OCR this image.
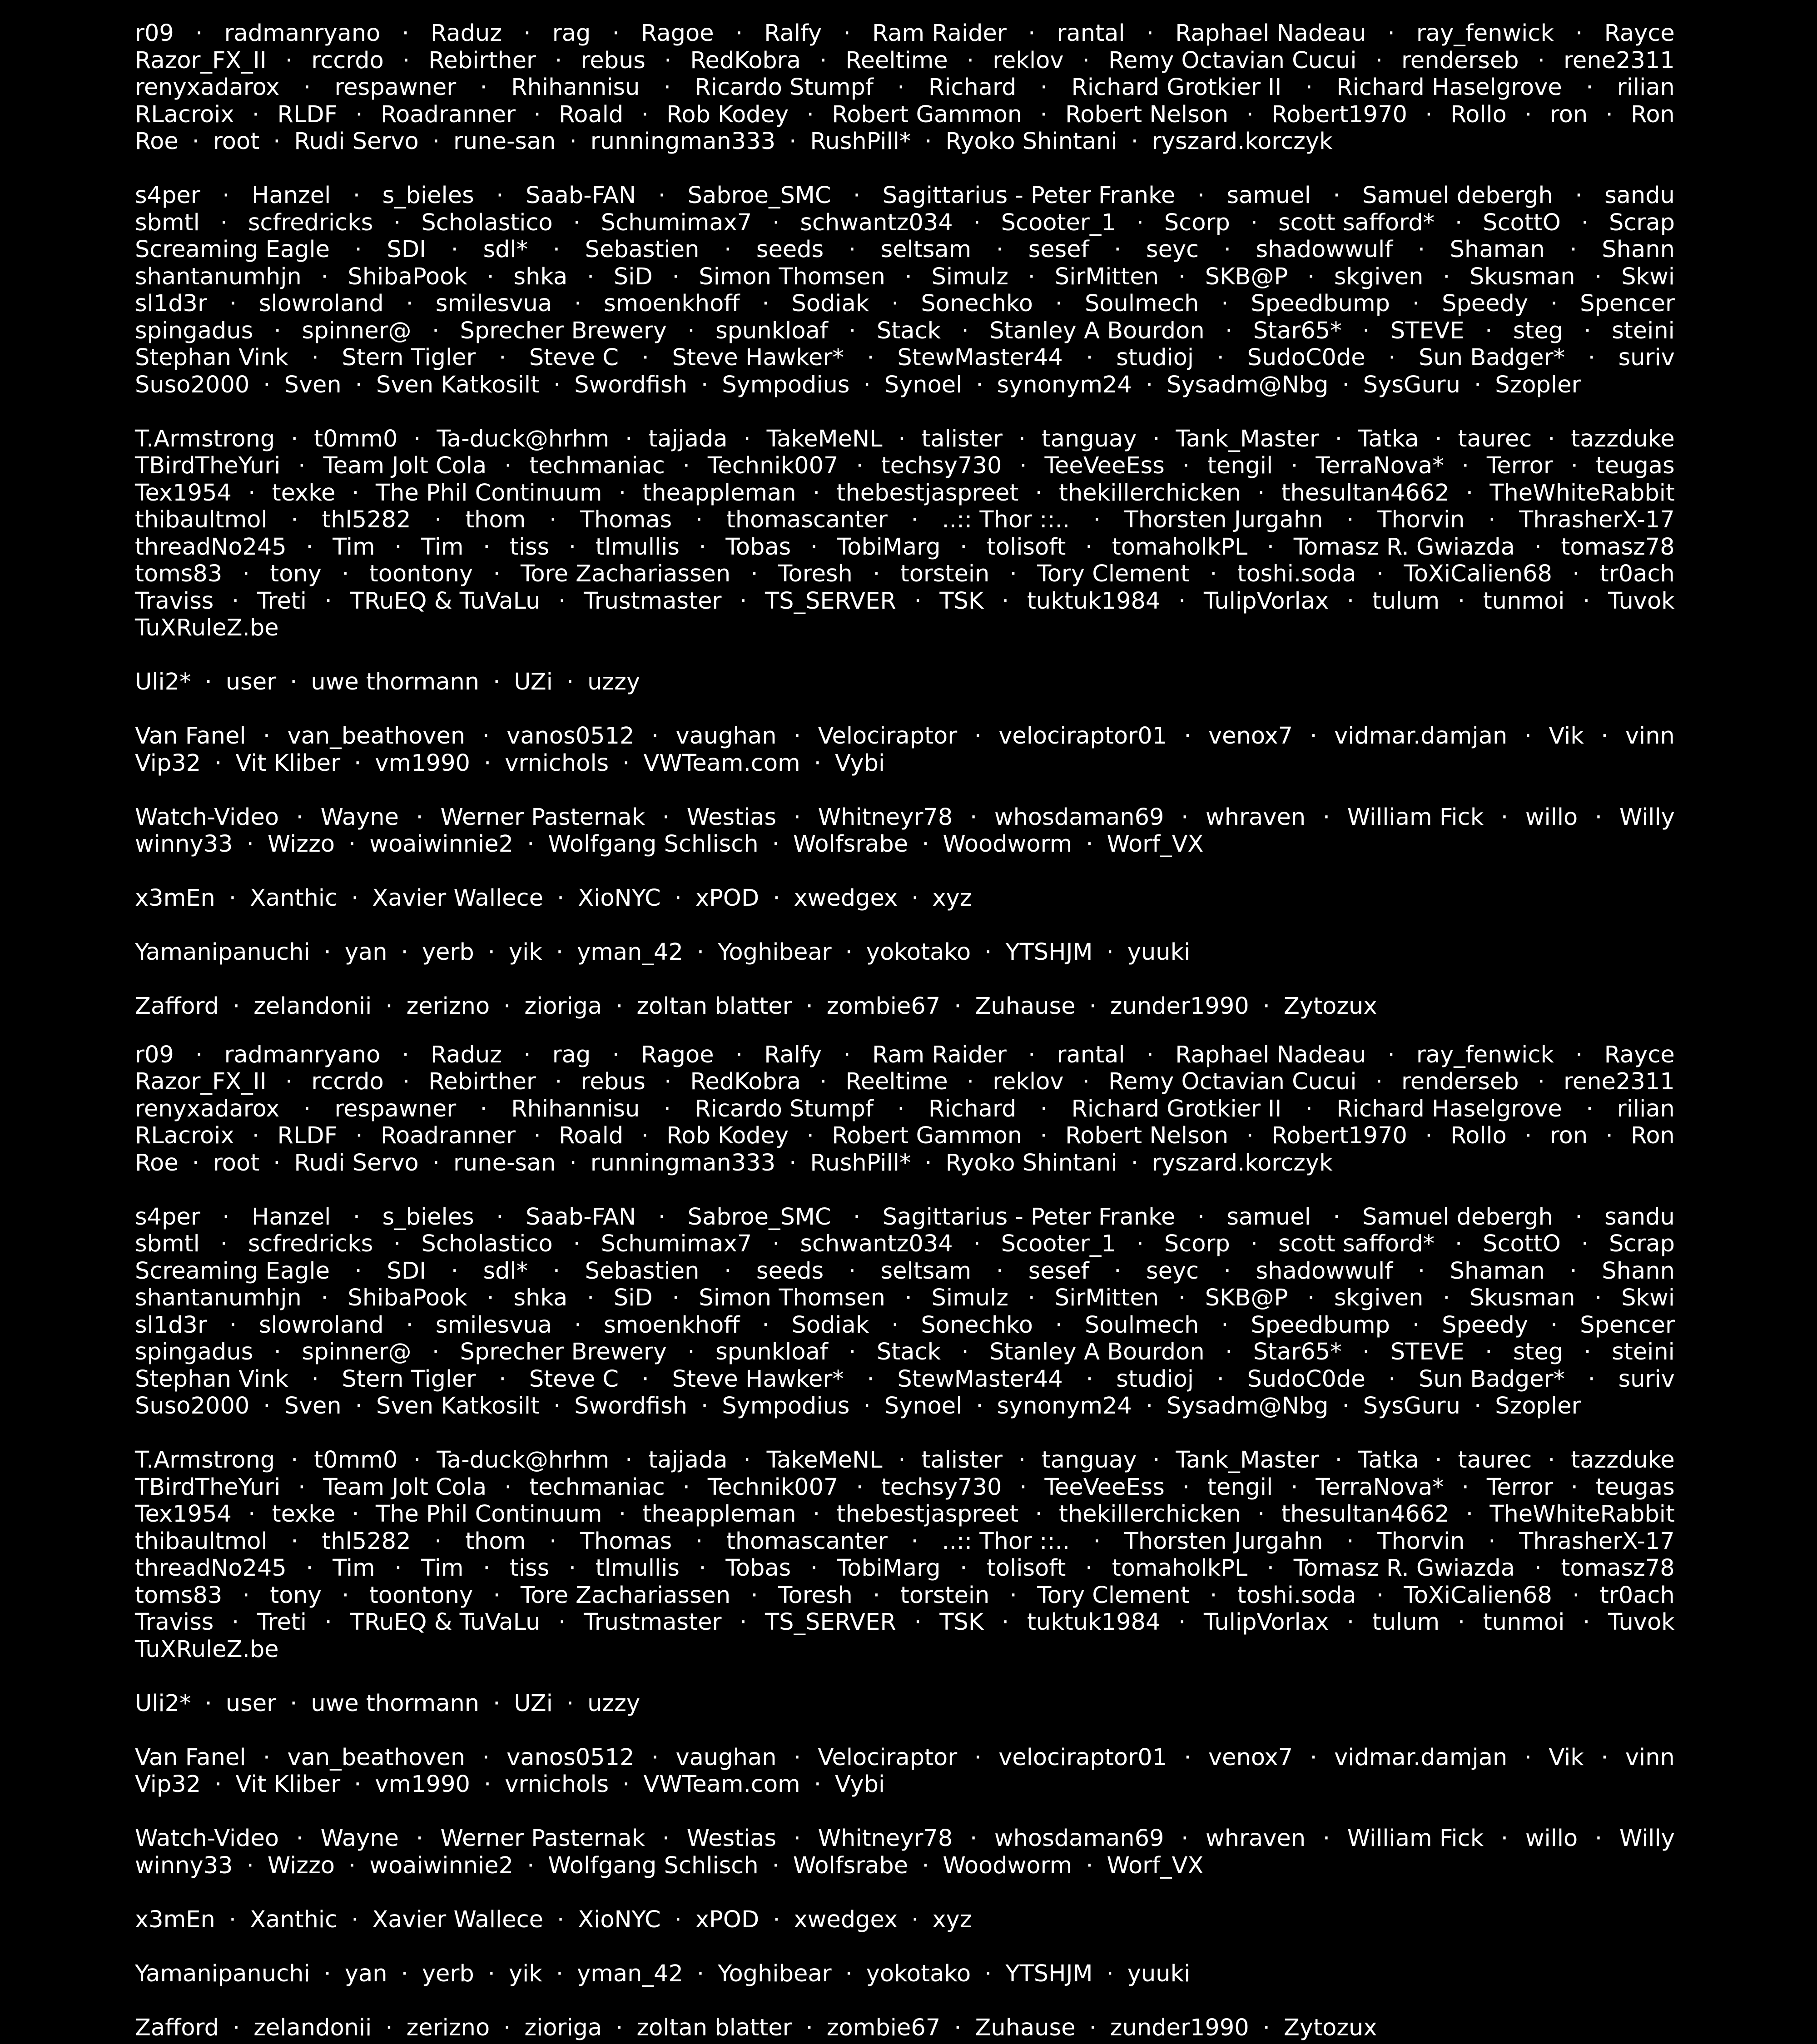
r09 · radmanryano · Raduz · rag · Ragoe · Ralfy · Ram Raider · rantal · Raphael Nadeau · ray_fenwick · Rayce
Razor_FX_II · rccrdo · Rebirther · rebus · RedKobra · Reeltime · reklov · Remy Octavian Cucui · renderseb · rene2311
renyxadarox · respawner · Rhihannisu · Ricardo Stumpf · Richard · Richard Grotkier II · Richard Haselgrove · rilian
RLacroix · RLDF · Roadranner · Roald · Rob Kodey · Robert Gammon · Robert Nelson · Robert1970 · Rollo · ron · Ron
Roe · root · Rudi Servo · rune-san · runningman333 · RushPill* · Ryoko Shintani · ryszard.korczyk
s4per · Hanzel · s_bieles · Saab-FAN · Sabroe_SMC · Sagittarius - Peter Franke · samuel · Samuel debergh · sandu
sbmtl · scfredricks · Scholastico · Schumimax7 · schwantz034 · Scooter_1 · Scorp · scott safford* · ScottO · Scrap
Screaming Eagle · SDI · sdl* · Sebastien · seeds · seltsam · sesef · seyc · shadowwulf · Shaman · Shann
shantanumhjn · ShibaPook · shka · SiD · Simon Thomsen · Simulz · SirMitten · SKB@P · skgiven · Skusman · Skwi
sl1d3r · slowroland · smilesvua · smoenkhoff · Sodiak · Sonechko · Soulmech · Speedbump · Speedy · Spencer
spingadus · spinner@ · Sprecher Brewery · spunkloaf · Stack · Stanley A Bourdon · Star65* · STEVE · steg · steini
Stephan Vink · Stern Tigler · Steve C · Steve Hawker* · StewMaster44 · studioj · SudoC0de · Sun Badger* · suriv
Suso2000 · Sven · Sven Katkosilt · Swordfish · Sympodius · Synoel · synonym24 · Sysadm@Nbg · SysGuru · Szopler
T.Armstrong · t0mm0 · Ta-duck@hrhm · tajjada · TakeMeNL · talister · tanguay · Tank_Master · Tatka · taurec · tazzduke
TBirdTheYuri · Team Jolt Cola · techmaniac · Technik007 · techsy730 · TeeVeeEss · tengil · TerraNova* · Terror · teugas
Tex1954 · texke · The Phil Continuum · theappleman · thebestjaspreet · thekillerchicken · thesultan4662 · TheWhiteRabbit
thibaultmol · thl5282 · thom · Thomas · thomascanter · ..:: Thor ::.. · Thorsten Jurgahn · Thorvin · ThrasherX-17
threadNo245 · Tim · Tim · tiss · tlmullis · Tobas · TobiMarg · tolisoft · tomaholkPL · Tomasz R. Gwiazda · tomasz78
toms83 · tony · toontony · Tore Zachariassen · Toresh · torstein · Tory Clement · toshi.soda · ToXiCalien68 · tr0ach
Traviss · Treti · TRuEQ & TuVaLu · Trustmaster · TS_SERVER · TSK · tuktuk1984 · TulipVorlax · tulum · tunmoi · Tuvok
TuXRuleZ.be
Uli2* · user · uwe thormann · UZi · uzzy
Van Fanel · van_beathoven · vanos0512 · vaughan · Velociraptor · velociraptor01 · venox7 · vidmar.damjan · Vik · vinn
Vip32 · Vit Kliber · vm1990 · vrnichols · VWTeam.com · Vybi
Watch-Video · Wayne · Werner Pasternak · Westias · Whitneyr78 · whosdaman69 · whraven · William Fick · willo · Willy
winny33 · Wizzo · woaiwinnie2 · Wolfgang Schlisch · Wolfsrabe · Woodworm · Worf_VX
x3mEn · Xanthic · Xavier Wallece · XioNYC · xPOD · xwedgex · xyz
Yamanipanuchi · yan · yerb · yik · yman_42 · Yoghibear · yokotako · YTSHJM · yuuki
Zafford · zelandonii · zerizno · zioriga · zoltan blatter · zombie67 · Zuhause · zunder1990 · Zytozux
r09 · radmanryano · Raduz · rag · Ragoe · Ralfy · Ram Raider · rantal · Raphael Nadeau · ray_fenwick · Rayce
Razor_FX_II · rccrdo · Rebirther · rebus · RedKobra · Reeltime · reklov · Remy Octavian Cucui · renderseb · rene2311
renyxadarox · respawner · Rhihannisu · Ricardo Stumpf · Richard · Richard Grotkier II · Richard Haselgrove · rilian
RLacroix · RLDF · Roadranner · Roald · Rob Kodey · Robert Gammon · Robert Nelson · Robert1970 · Rollo · ron · Ron
Roe · root · Rudi Servo · rune-san · runningman333 · RushPill* · Ryoko Shintani · ryszard.korczyk
s4per · Hanzel · s_bieles · Saab-FAN · Sabroe_SMC · Sagittarius - Peter Franke · samuel · Samuel debergh · sandu
sbmtl · scfredricks · Scholastico · Schumimax7 · schwantz034 · Scooter_1 · Scorp · scott safford* · ScottO · Scrap
Screaming Eagle · SDI · sdl* · Sebastien · seeds · seltsam · sesef · seyc · shadowwulf · Shaman · Shann
shantanumhjn · ShibaPook · shka · SiD · Simon Thomsen · Simulz · SirMitten · SKB@P · skgiven · Skusman · Skwi
sl1d3r · slowroland · smilesvua · smoenkhoff · Sodiak · Sonechko · Soulmech · Speedbump · Speedy · Spencer
spingadus · spinner@ · Sprecher Brewery · spunkloaf · Stack · Stanley A Bourdon · Star65* · STEVE · steg · steini
Stephan Vink · Stern Tigler · Steve C · Steve Hawker* · StewMaster44 · studioj · SudoC0de · Sun Badger* · suriv
Suso2000 · Sven · Sven Katkosilt · Swordfish · Sympodius · Synoel · synonym24 · Sysadm@Nbg · SysGuru · Szopler
T.Armstrong · t0mm0 · Ta-duck@hrhm · tajjada · TakeMeNL · talister · tanguay · Tank_Master · Tatka · taurec · tazzduke
TBirdTheYuri · Team Jolt Cola · techmaniac · Technik007 · techsy730 · TeeVeeEss · tengil · TerraNova* · Terror · teugas
Tex1954 · texke · The Phil Continuum · theappleman · thebestjaspreet · thekillerchicken · thesultan4662 · TheWhiteRabbit
thibaultmol · thl5282 · thom · Thomas · thomascanter · ..:: Thor ::.. · Thorsten Jurgahn · Thorvin · ThrasherX-17
threadNo245 · Tim · Tim · tiss · tlmullis · Tobas · TobiMarg · tolisoft · tomaholkPL · Tomasz R. Gwiazda · tomasz78
toms83 · tony · toontony · Tore Zachariassen · Toresh · torstein · Tory Clement · toshi.soda · ToXiCalien68 · tr0ach
Traviss · Treti · TRuEQ & TuVaLu · Trustmaster · TS_SERVER · TSK · tuktuk1984 · TulipVorlax · tulum · tunmoi · Tuvok
TuXRuleZ.be
Uli2* · user · uwe thormann · UZi · uzzy
Van Fanel · van_beathoven · vanos0512 · vaughan · Velociraptor · velociraptor01 · venox7 · vidmar.damjan · Vik · vinn
Vip32 · Vit Kliber · vm1990 · vrnichols · VWTeam.com · Vybi
Watch-Video · Wayne · Werner Pasternak · Westias · Whitneyr78 · whosdaman69 · whraven · William Fick · willo · Willy
winny33 · Wizzo · woaiwinnie2 · Wolfgang Schlisch · Wolfsrabe · Woodworm · Worf_VX
x3mEn · Xanthic · Xavier Wallece · XioNYC · xPOD · xwedgex · xyz
Yamanipanuchi · yan · yerb · yik · yman_42 · Yoghibear · yokotako · YTSHJM · yuuki
Zafford · zelandonii · zerizno · zioriga · zoltan blatter · zombie67 · Zuhause · zunder1990 · Zytozux
